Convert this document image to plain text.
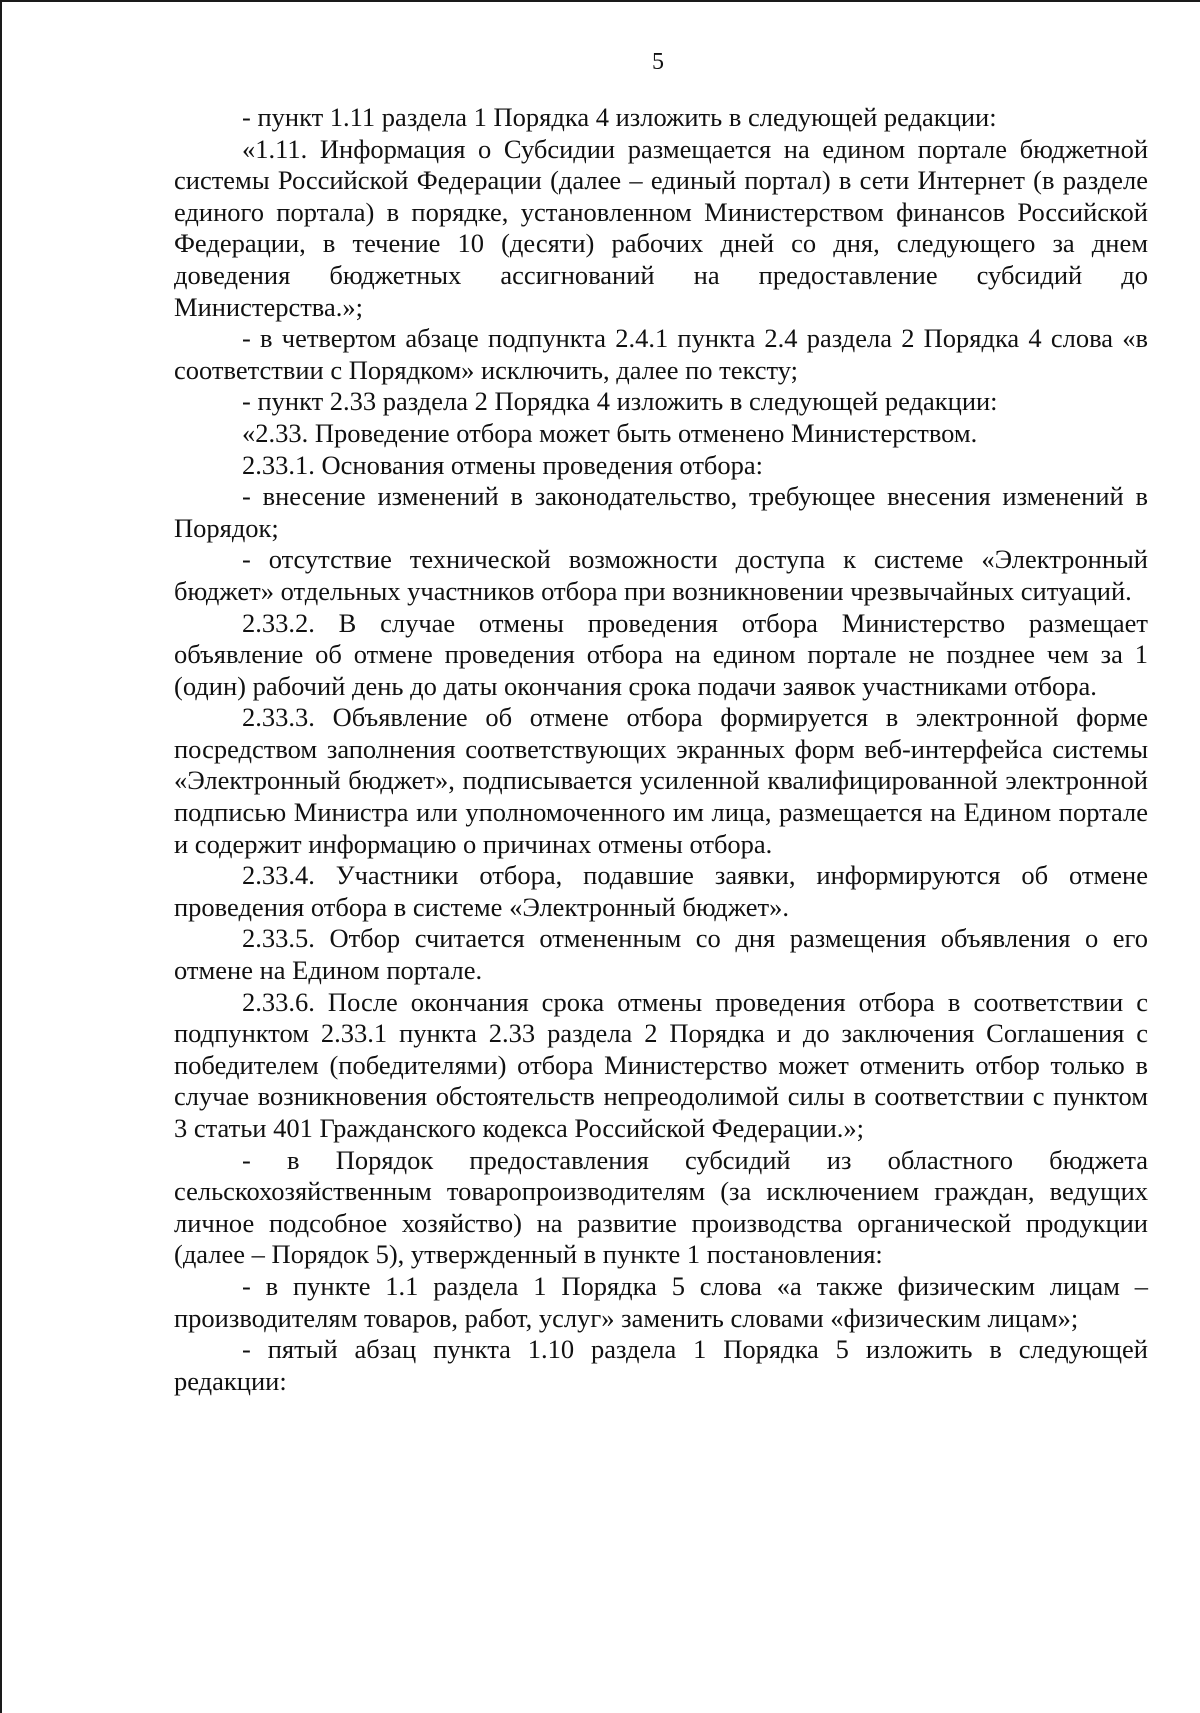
5

- пункт 1.11 раздела 1 Порядка 4 изложить в следующей редакции:

«1.11. Информация о Субсидии размещается на едином портале бюджетной системы Российской Федерации (далее – единый портал) в сети Интернет (в разделе единого портала) в порядке, установленном Министерством финансов Российской Федерации, в течение 10 (десяти) рабочих дней со дня, следующего за днем доведения бюджетных ассигнований на предоставление субсидий до Министерства.»;

- в четвертом абзаце подпункта 2.4.1 пункта 2.4 раздела 2 Порядка 4 слова «в соответствии с Порядком» исключить, далее по тексту;

- пункт 2.33 раздела 2 Порядка 4 изложить в следующей редакции:

«2.33. Проведение отбора может быть отменено Министерством.

2.33.1. Основания отмены проведения отбора:

- внесение изменений в законодательство, требующее внесения изменений в Порядок;

- отсутствие технической возможности доступа к системе «Электронный бюджет» отдельных участников отбора при возникновении чрезвычайных ситуаций.

2.33.2. В случае отмены проведения отбора Министерство размещает объявление об отмене проведения отбора на едином портале не позднее чем за 1 (один) рабочий день до даты окончания срока подачи заявок участниками отбора.

2.33.3. Объявление об отмене отбора формируется в электронной форме посредством заполнения соответствующих экранных форм веб-интерфейса системы «Электронный бюджет», подписывается усиленной квалифицированной электронной подписью Министра или уполномоченного им лица, размещается на Едином портале и содержит информацию о причинах отмены отбора.

2.33.4. Участники отбора, подавшие заявки, информируются об отмене проведения отбора в системе «Электронный бюджет».

2.33.5. Отбор считается отмененным со дня размещения объявления о его отмене на Едином портале.

2.33.6. После окончания срока отмены проведения отбора в соответствии с подпунктом 2.33.1 пункта 2.33 раздела 2 Порядка и до заключения Соглашения с победителем (победителями) отбора Министерство может отменить отбор только в случае возникновения обстоятельств непреодолимой силы в соответствии с пунктом 3 статьи 401 Гражданского кодекса Российской Федерации.»;

- в Порядок предоставления субсидий из областного бюджета сельскохозяйственным товаропроизводителям (за исключением граждан, ведущих личное подсобное хозяйство) на развитие производства органической продукции (далее – Порядок 5), утвержденный в пункте 1 постановления:

- в пункте 1.1 раздела 1 Порядка 5 слова «а также физическим лицам – производителям товаров, работ, услуг» заменить словами «физическим лицам»;

- пятый абзац пункта 1.10 раздела 1 Порядка 5 изложить в следующей редакции:
